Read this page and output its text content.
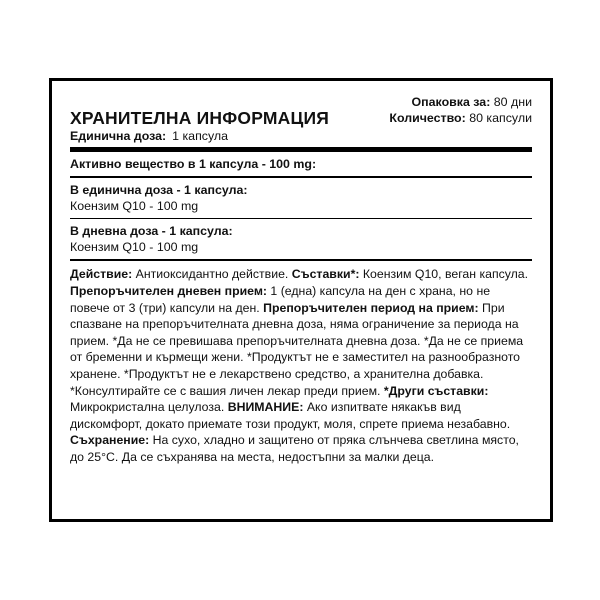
ХРАНИТЕЛНА ИНФОРМАЦИЯ
Опаковка за: 80 дни
Количество: 80 капсули
Единична доза: 1 капсула
Активно вещество в 1 капсула - 100 mg:
В единична доза - 1 капсула:
Коензим Q10 - 100 mg
В дневна доза - 1 капсула:
Коензим Q10 - 100 mg
Действие: Антиоксидантно действие. Съставки*: Коензим Q10, веган капсула. Препоръчителен дневен прием: 1 (една) капсула на ден с храна, но не повече от 3 (три) капсули на ден. Препоръчителен период на прием: При спазване на препоръчителната дневна доза, няма ограничение за периода на прием. *Да не се превишава препоръчителната дневна доза. *Да не се приема от бременни и кърмещи жени. *Продуктът не е заместител на разнообразното хранене. *Продуктът не е лекарствено средство, а хранителна добавка. *Консултирайте се с вашия личен лекар преди прием. *Други съставки: Микрокристална целулоза. ВНИМАНИЕ: Ако изпитвате някакъв вид дискомфорт, докато приемате този продукт, моля, спрете приема незабавно. Съхранение: На сухо, хладно и защитено от пряка слънчева светлина място, до 25°C. Да се съхранява на места, недостъпни за малки деца.
